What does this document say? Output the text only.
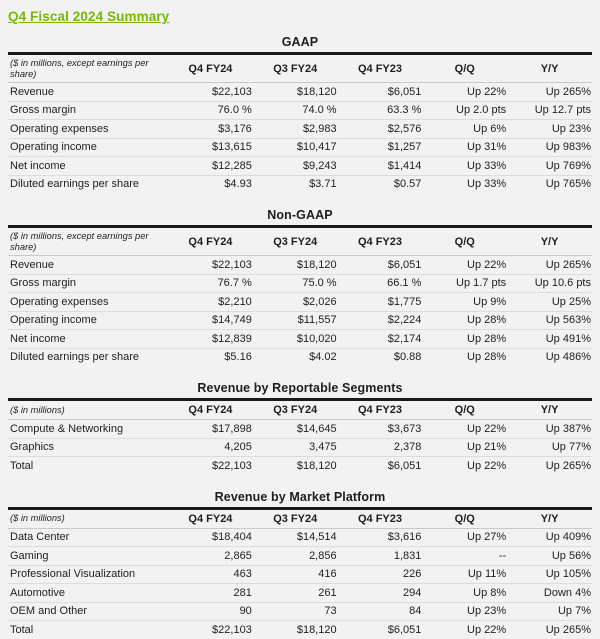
Q4 Fiscal 2024 Summary
GAAP
($ in millions, except earnings per share)	Q4 FY24	Q3 FY24	Q4 FY23	Q/Q	Y/Y
Revenue	$22,103	$18,120	$6,051	Up 22%	Up 265%
Gross margin	76.0 %	74.0 %	63.3 %	Up 2.0 pts	Up 12.7 pts
Operating expenses	$3,176	$2,983	$2,576	Up 6%	Up 23%
Operating income	$13,615	$10,417	$1,257	Up 31%	Up 983%
Net income	$12,285	$9,243	$1,414	Up 33%	Up 769%
Diluted earnings per share	$4.93	$3.71	$0.57	Up 33%	Up 765%
Non-GAAP
($ in millions, except earnings per share)	Q4 FY24	Q3 FY24	Q4 FY23	Q/Q	Y/Y
Revenue	$22,103	$18,120	$6,051	Up 22%	Up 265%
Gross margin	76.7 %	75.0 %	66.1 %	Up 1.7 pts	Up 10.6 pts
Operating expenses	$2,210	$2,026	$1,775	Up 9%	Up 25%
Operating income	$14,749	$11,557	$2,224	Up 28%	Up 563%
Net income	$12,839	$10,020	$2,174	Up 28%	Up 491%
Diluted earnings per share	$5.16	$4.02	$0.88	Up 28%	Up 486%
Revenue by Reportable Segments
($ in millions)	Q4 FY24	Q3 FY24	Q4 FY23	Q/Q	Y/Y
Compute & Networking	$17,898	$14,645	$3,673	Up 22%	Up 387%
Graphics	4,205	3,475	2,378	Up 21%	Up 77%
Total	$22,103	$18,120	$6,051	Up 22%	Up 265%
Revenue by Market Platform
($ in millions)	Q4 FY24	Q3 FY24	Q4 FY23	Q/Q	Y/Y
Data Center	$18,404	$14,514	$3,616	Up 27%	Up 409%
Gaming	2,865	2,856	1,831	--	Up 56%
Professional Visualization	463	416	226	Up 11%	Up 105%
Automotive	281	261	294	Up 8%	Down 4%
OEM and Other	90	73	84	Up 23%	Up 7%
Total	$22,103	$18,120	$6,051	Up 22%	Up 265%
